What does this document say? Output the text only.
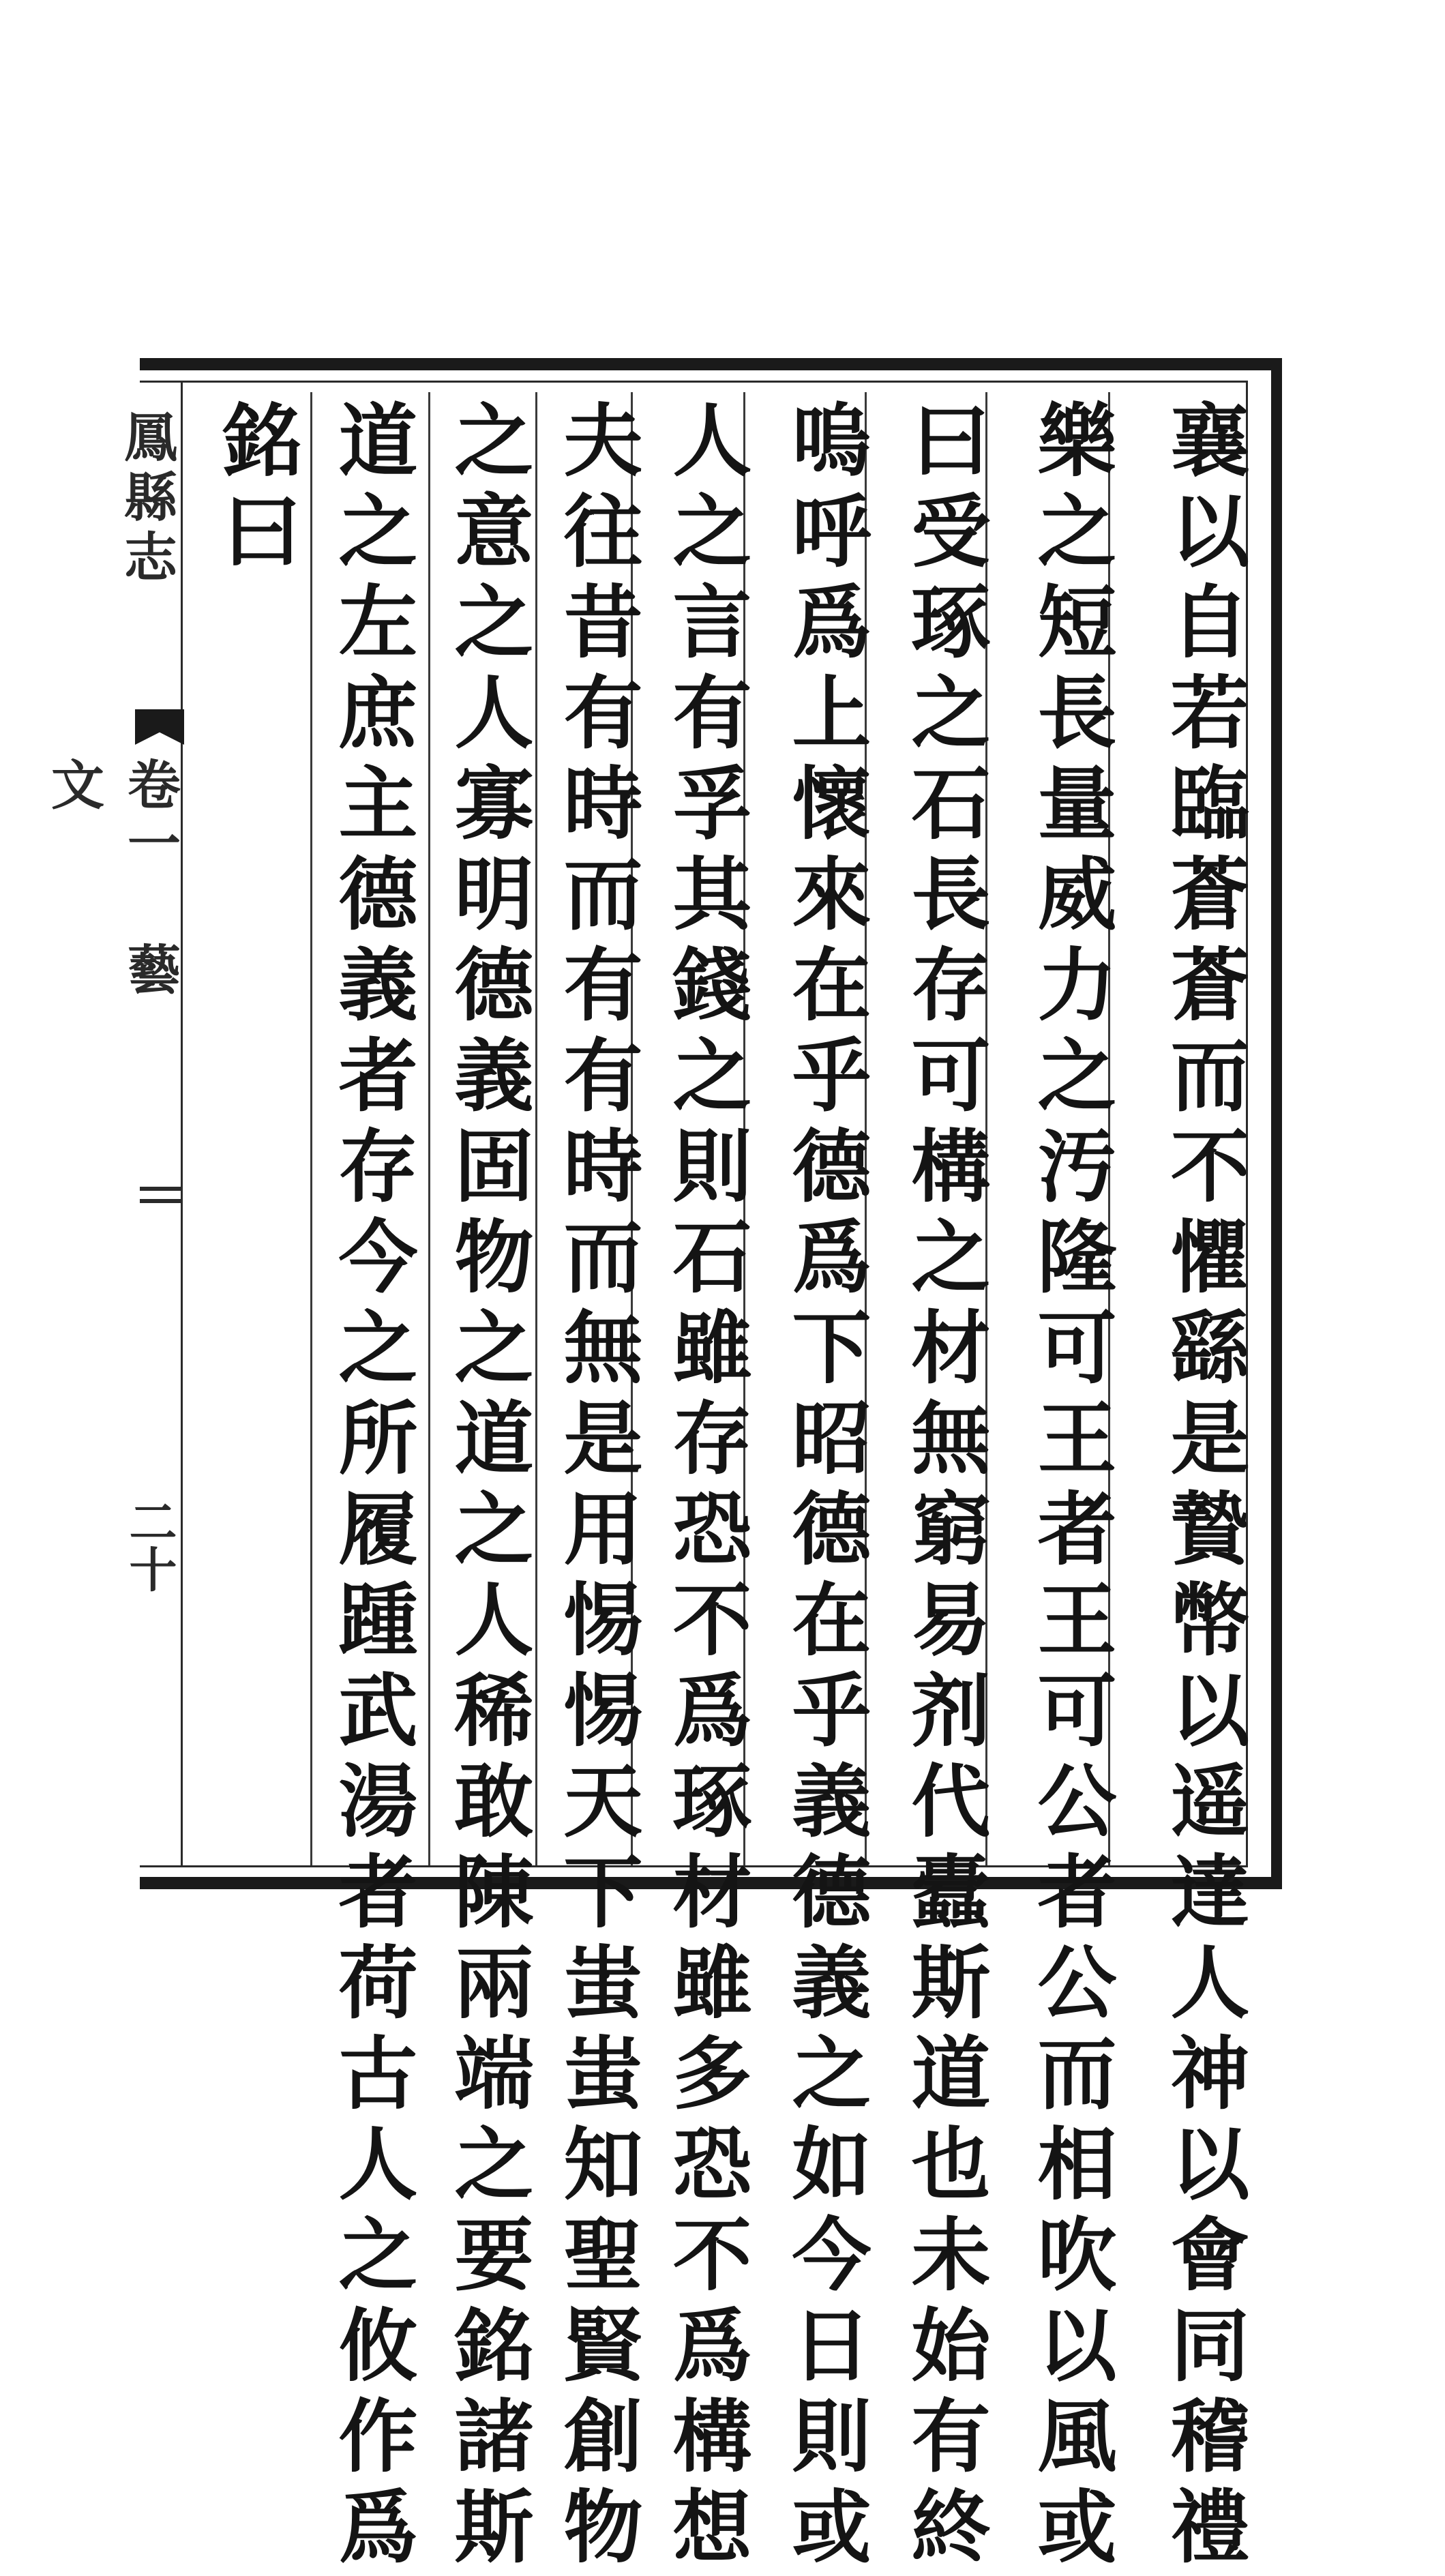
鳳縣志
卷一 藝文
二十	襄以自若臨蒼蒼而不懼繇是贄幣以遥達人神以會同稽禮
樂之短長量威力之汚隆可王者王可公者公而相吹以風或
曰受琢之石長存可構之材無窮易剂代蠹斯道也未始有終
嗚呼爲上懷來在乎德爲下昭德在乎義德義之如今日則或
人之言有孚其錢之則石雖存恐不爲琢材雖多恐不爲構想
夫往昔有時而有有時而無是用惕惕天下蚩蚩知聖賢創物
之意之人寡明德義固物之道之人稀敢陳兩端之要銘諸斯
道之左庶主德義者存今之所履踵武湯者荷古人之攸作爲
銘曰
